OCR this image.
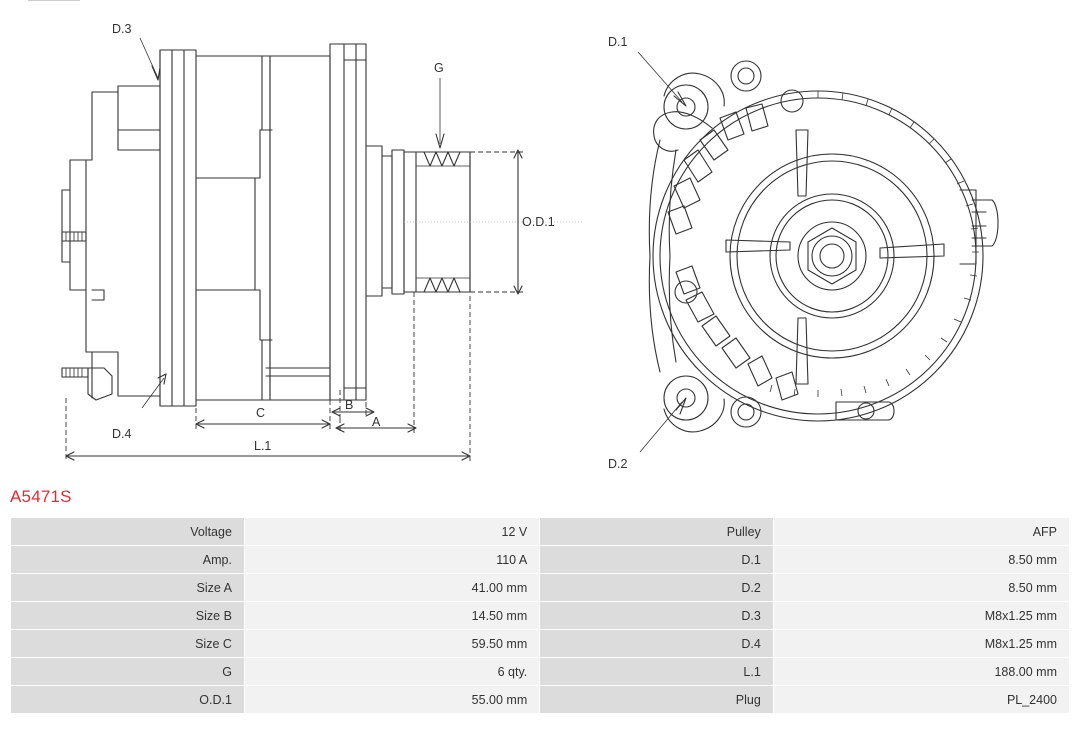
O.D.1
C
B
A
L.1
D.3
G
D.4
D.1
D.2
A5471S
Voltage	12 V	Pulley	AFP
Amp.	110 A	D.1	8.50 mm
Size A	41.00 mm	D.2	8.50 mm
Size B	14.50 mm	D.3	M8x1.25 mm
Size C	59.50 mm	D.4	M8x1.25 mm
G	6 qty.	L.1	188.00 mm
O.D.1	55.00 mm	Plug	PL_2400
